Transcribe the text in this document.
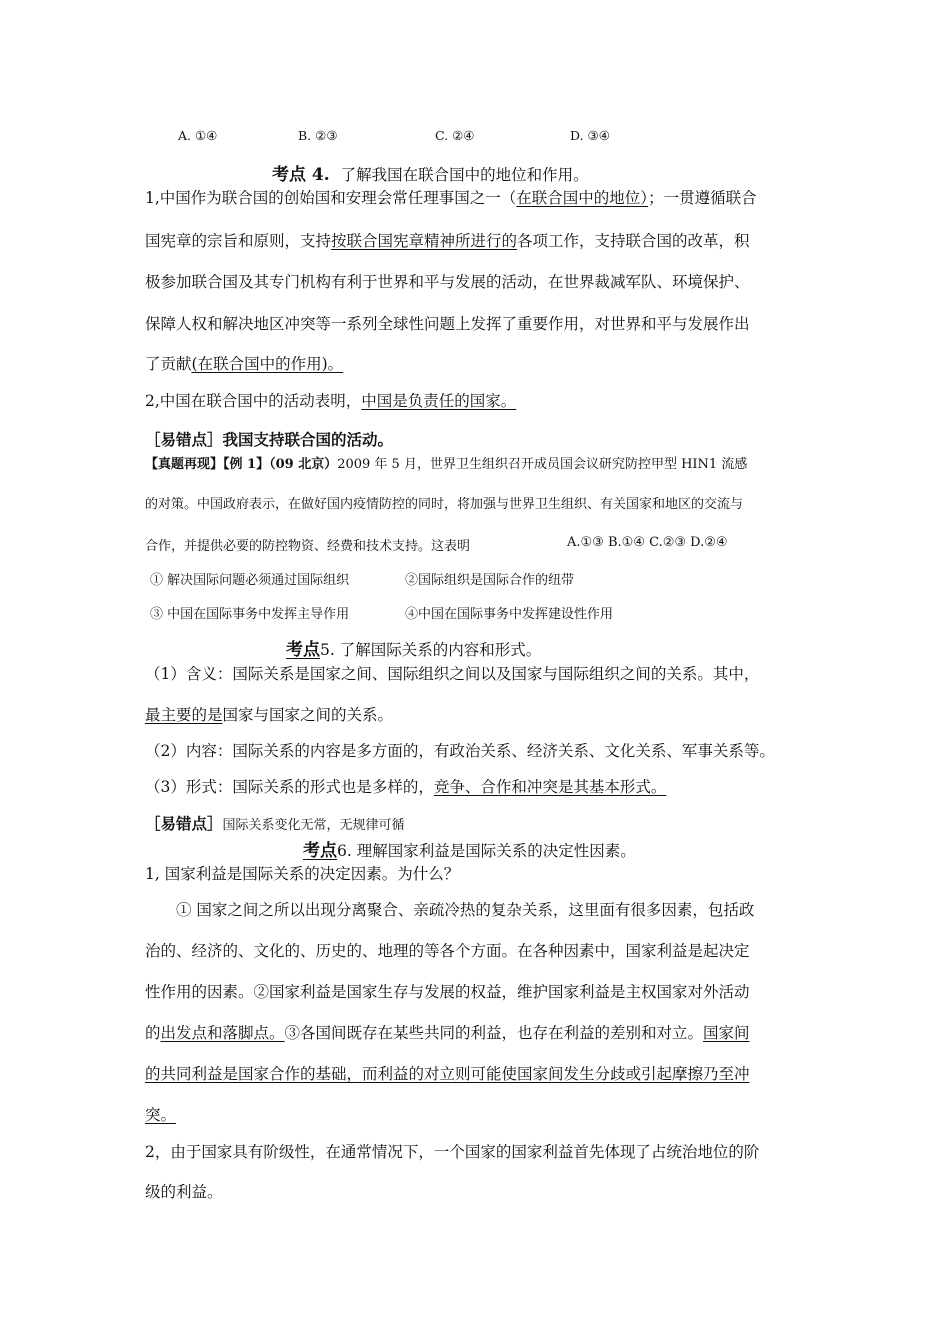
A. ①④	B. ②③	C. ②④	D. ③④
考点 4. 了解我国在联合国中的地位和作用。
1,中国作为联合国的创始国和安理会常任理事国之一（在联合国中的地位）；一贯遵循联合
国宪章的宗旨和原则，支持按联合国宪章精神所进行的各项工作，支持联合国的改革，积
极参加联合国及其专门机构有利于世界和平与发展的活动，在世界裁减军队、环境保护、
保障人权和解决地区冲突等一系列全球性问题上发挥了重要作用，对世界和平与发展作出
了贡献(在联合国中的作用)。
2,中国在联合国中的活动表明，中国是负责任的国家。
［易错点］我国支持联合国的活动。
【真题再现】【例 1】（09 北京）2009 年 5 月，世界卫生组织召开成员国会议研究防控甲型 HIN1 流感
的对策。中国政府表示，在做好国内疫情防控的同时，将加强与世界卫生组织、有关国家和地区的交流与
合作，并提供必要的防控物资、经费和技术支持。这表明	A.①③ B.①④ C.②③ D.②④
① 解决国际问题必须通过国际组织	②国际组织是国际合作的纽带
③ 中国在国际事务中发挥主导作用	④中国在国际事务中发挥建设性作用
考点5. 了解国际关系的内容和形式。
（1）含义：国际关系是国家之间、国际组织之间以及国家与国际组织之间的关系。其中，
最主要的是国家与国家之间的关系。
（2）内容：国际关系的内容是多方面的，有政治关系、经济关系、文化关系、军事关系等。
（3）形式：国际关系的形式也是多样的，竞争、合作和冲突是其基本形式。
［易错点］国际关系变化无常，无规律可循
考点6. 理解国家利益是国际关系的决定性因素。
1, 国家利益是国际关系的决定因素。为什么？
① 国家之间之所以出现分离聚合、亲疏冷热的复杂关系，这里面有很多因素，包括政
治的、经济的、文化的、历史的、地理的等各个方面。在各种因素中，国家利益是起决定
性作用的因素。②国家利益是国家生存与发展的权益，维护国家利益是主权国家对外活动
的出发点和落脚点。③各国间既存在某些共同的利益，也存在利益的差别和对立。国家间
的共同利益是国家合作的基础，而利益的对立则可能使国家间发生分歧或引起摩擦乃至冲
突。
2，由于国家具有阶级性，在通常情况下，一个国家的国家利益首先体现了占统治地位的阶
级的利益。
